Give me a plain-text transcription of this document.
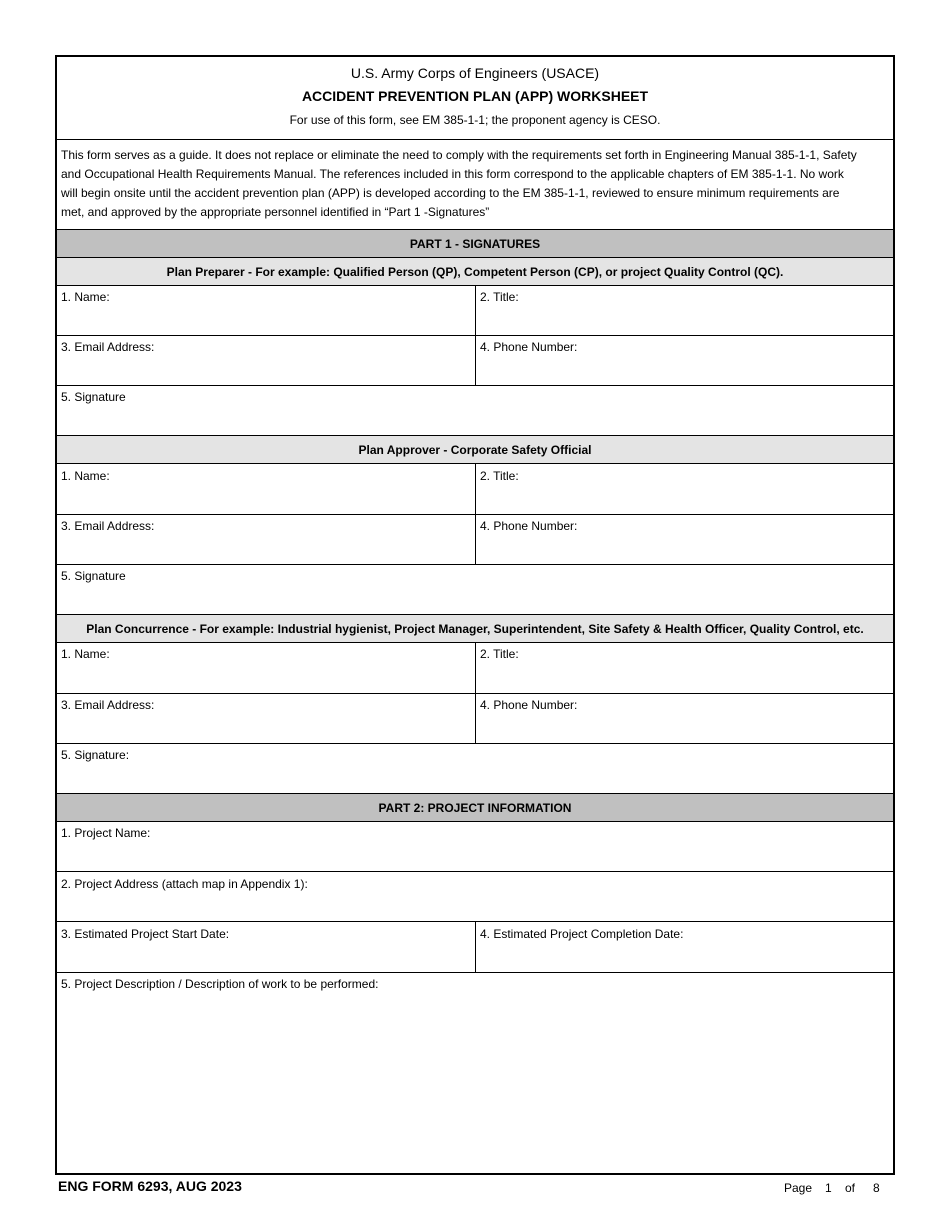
U.S. Army Corps of Engineers (USACE)
ACCIDENT PREVENTION PLAN (APP) WORKSHEET
For use of this form, see EM 385-1-1; the proponent agency is CESO.
This form serves as a guide. It does not replace or eliminate the need to comply with the requirements set forth in Engineering Manual 385-1-1, Safety
and Occupational Health Requirements Manual. The references included in this form correspond to the applicable chapters of EM 385-1-1. No work
will begin onsite until the accident prevention plan (APP) is developed according to the EM 385-1-1, reviewed to ensure minimum requirements are
met, and approved by the appropriate personnel identified in “Part 1 -Signatures”
PART 1 - SIGNATURES
Plan Preparer - For example: Qualified Person (QP), Competent Person (CP), or project Quality Control (QC).
1. Name:	2. Title:
3. Email Address:	4. Phone Number:
5. Signature
Plan Approver - Corporate Safety Official
1. Name:	2. Title:
3. Email Address:	4. Phone Number:
5. Signature
Plan Concurrence - For example: Industrial hygienist, Project Manager, Superintendent, Site Safety & Health Officer, Quality Control, etc.
1. Name:	2. Title:
3. Email Address:	4. Phone Number:
5. Signature:
PART 2: PROJECT INFORMATION
1. Project Name:
2. Project Address (attach map in Appendix 1):
3. Estimated Project Start Date:	4. Estimated Project Completion Date:
5. Project Description / Description of work to be performed:
ENG FORM 6293, AUG 2023	Page 1 of 8
